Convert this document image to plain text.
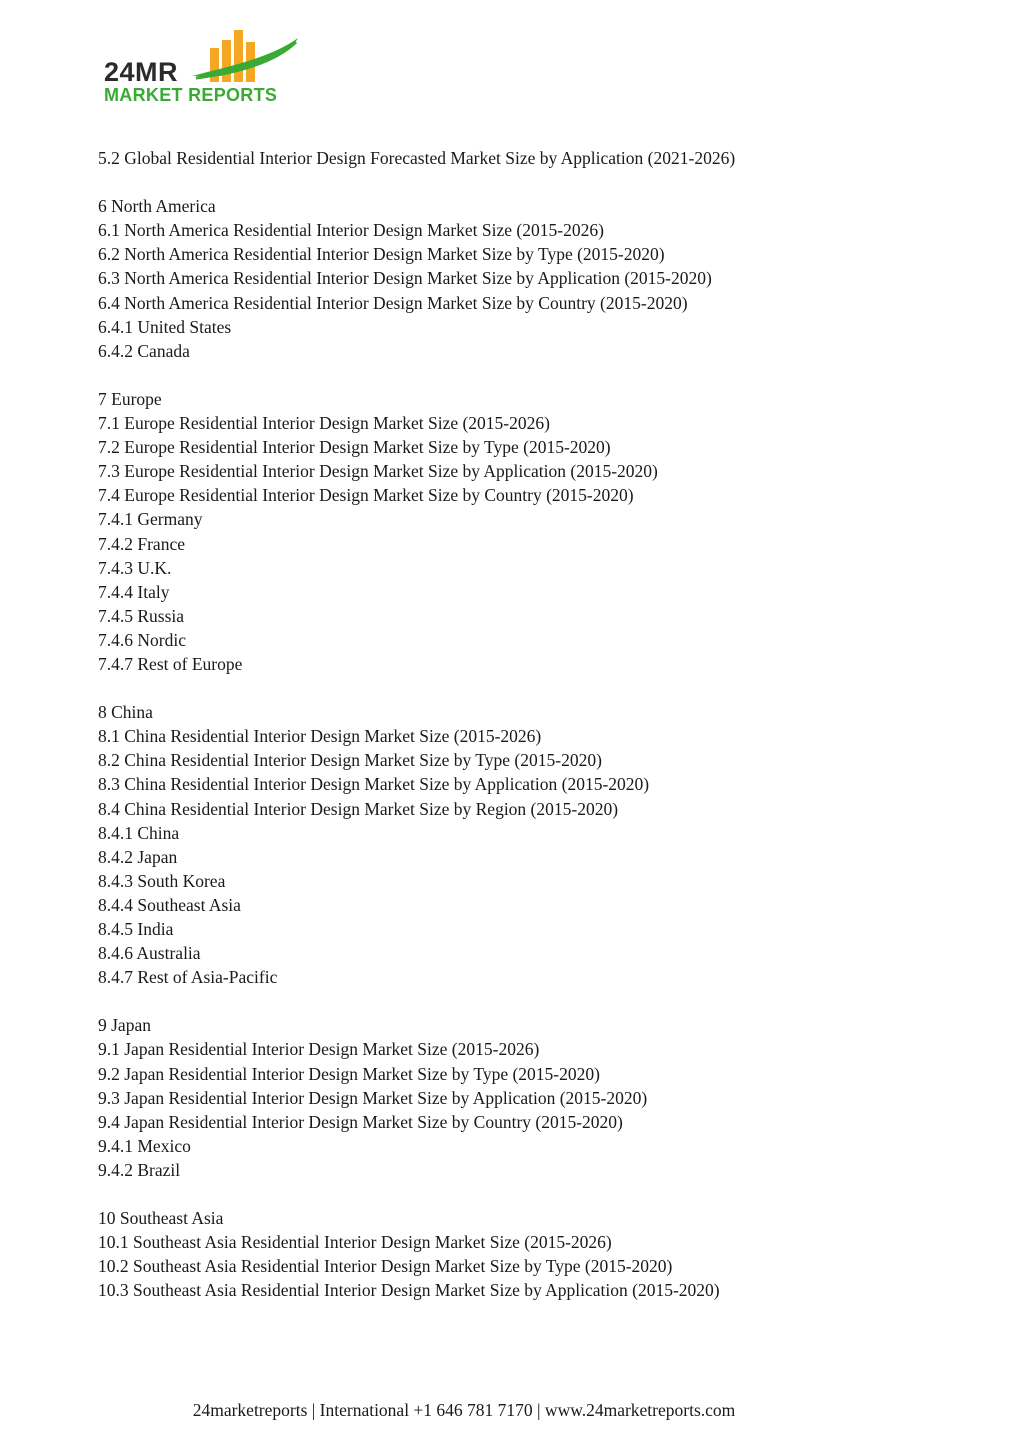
24MR
MARKET REPORTS
5.2 Global Residential Interior Design Forecasted Market Size by Application (2021-2026)
6 North America
6.1 North America Residential Interior Design Market Size (2015-2026)
6.2 North America Residential Interior Design Market Size by Type (2015-2020)
6.3 North America Residential Interior Design Market Size by Application (2015-2020)
6.4 North America Residential Interior Design Market Size by Country (2015-2020)
6.4.1 United States
6.4.2 Canada
7 Europe
7.1 Europe Residential Interior Design Market Size (2015-2026)
7.2 Europe Residential Interior Design Market Size by Type (2015-2020)
7.3 Europe Residential Interior Design Market Size by Application (2015-2020)
7.4 Europe Residential Interior Design Market Size by Country (2015-2020)
7.4.1 Germany
7.4.2 France
7.4.3 U.K.
7.4.4 Italy
7.4.5 Russia
7.4.6 Nordic
7.4.7 Rest of Europe
8 China
8.1 China Residential Interior Design Market Size (2015-2026)
8.2 China Residential Interior Design Market Size by Type (2015-2020)
8.3 China Residential Interior Design Market Size by Application (2015-2020)
8.4 China Residential Interior Design Market Size by Region (2015-2020)
8.4.1 China
8.4.2 Japan
8.4.3 South Korea
8.4.4 Southeast Asia
8.4.5 India
8.4.6 Australia
8.4.7 Rest of Asia-Pacific
9 Japan
9.1 Japan Residential Interior Design Market Size (2015-2026)
9.2 Japan Residential Interior Design Market Size by Type (2015-2020)
9.3 Japan Residential Interior Design Market Size by Application (2015-2020)
9.4 Japan Residential Interior Design Market Size by Country (2015-2020)
9.4.1 Mexico
9.4.2 Brazil
10 Southeast Asia
10.1 Southeast Asia Residential Interior Design Market Size (2015-2026)
10.2 Southeast Asia Residential Interior Design Market Size by Type (2015-2020)
10.3 Southeast Asia Residential Interior Design Market Size by Application (2015-2020)
24marketreports | International +1 646 781 7170 | www.24marketreports.com
